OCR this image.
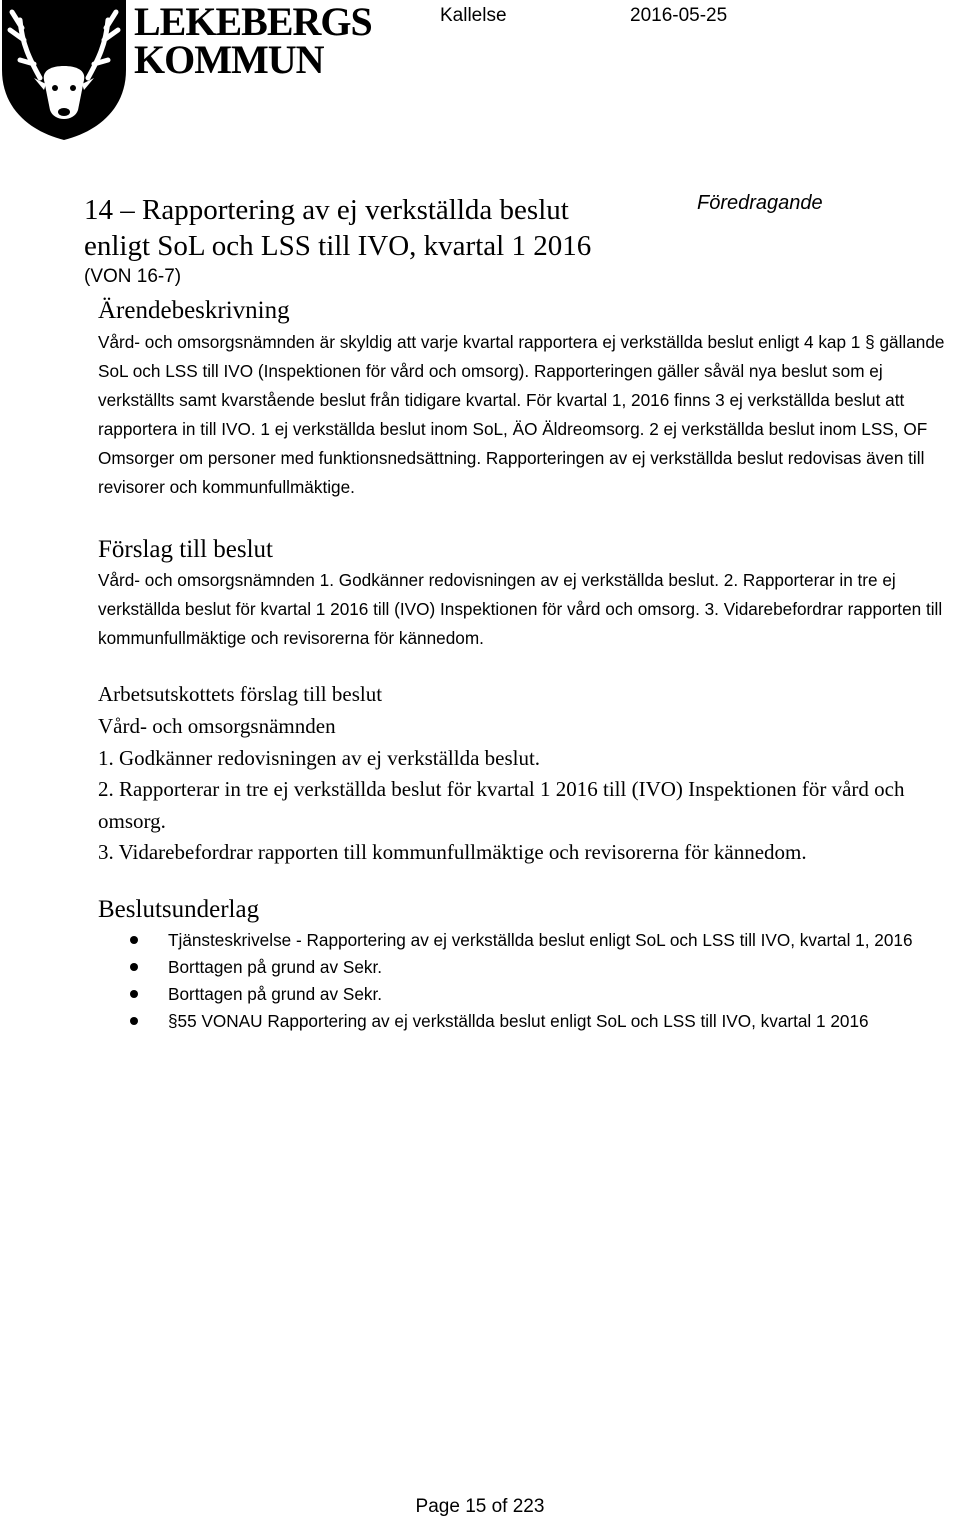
LEKEBERGS
KOMMUN
Kallelse	2016-05-25
14 – Rapportering av ej verkställda beslut
enligt SoL och LSS till IVO, kvartal 1 2016
(VON 16-7)
Föredragande
Ärendebeskrivning
Vård- och omsorgsnämnden är skyldig att varje kvartal rapportera ej verkställda beslut enligt 4 kap 1 § gällande SoL och LSS till IVO (Inspektionen för vård och omsorg). Rapporteringen gäller såväl nya beslut som ej verkställts samt kvarstående beslut från tidigare kvartal. För kvartal 1, 2016 finns 3 ej verkställda beslut att rapportera in till IVO. 1 ej verkställda beslut inom SoL, ÄO Äldreomsorg. 2 ej verkställda beslut inom LSS, OF Omsorger om personer med funktionsnedsättning. Rapporteringen av ej verkställda beslut redovisas även till revisorer och kommunfullmäktige.
Förslag till beslut
Vård- och omsorgsnämnden 1. Godkänner redovisningen av ej verkställda beslut. 2. Rapporterar in tre ej verkställda beslut för kvartal 1 2016 till (IVO) Inspektionen för vård och omsorg. 3. Vidarebefordrar rapporten till kommunfullmäktige och revisorerna för kännedom.
Arbetsutskottets förslag till beslut
Vård- och omsorgsnämnden
1. Godkänner redovisningen av ej verkställda beslut.
2. Rapporterar in tre ej verkställda beslut för kvartal 1 2016 till (IVO) Inspektionen för vård och omsorg.
3. Vidarebefordrar rapporten till kommunfullmäktige och revisorerna för kännedom.
Beslutsunderlag
Tjänsteskrivelse - Rapportering av ej verkställda beslut enligt SoL och LSS till IVO, kvartal 1, 2016
Borttagen på grund av Sekr.
Borttagen på grund av Sekr.
§55 VONAU Rapportering av ej verkställda beslut enligt SoL och LSS till IVO, kvartal 1 2016
Page 15 of 223
